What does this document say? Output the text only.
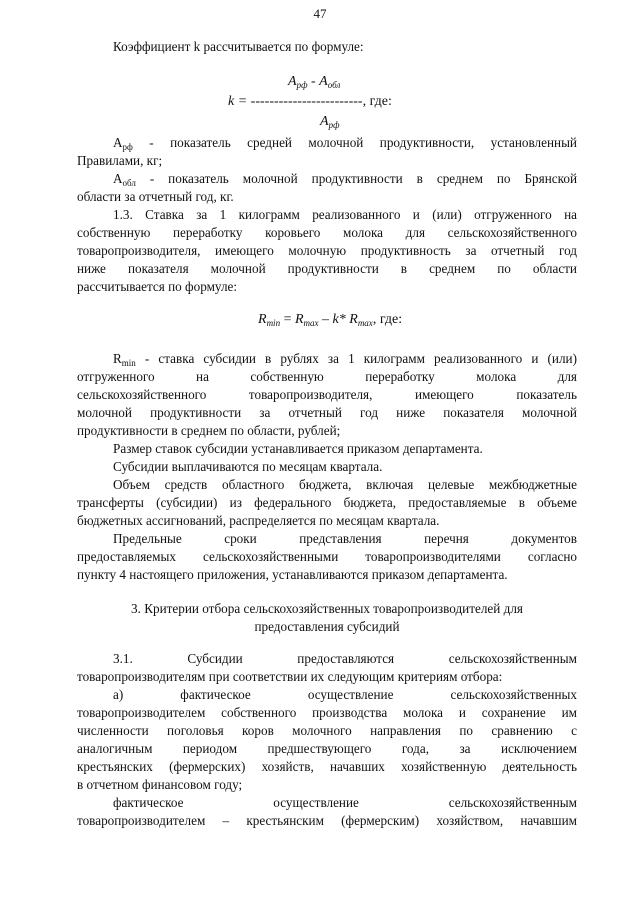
47
Коэффициент k рассчитывается по формуле:
$A_{рф} - A_{обл}$
k = ------------------------, где:
$A_{рф}$
$A_{рф}$ - показатель средней молочной продуктивности, установленный
Правилами, кг;
$A_{обл}$ - показатель молочной продуктивности в среднем по Брянской
области за отчетный год, кг.
1.3. Ставка за 1 килограмм реализованного и (или) отгруженного на
собственную переработку коровьего молока для сельскохозяйственного
товаропроизводителя, имеющего молочную продуктивность за отчетный год
ниже показателя молочной продуктивности в среднем по области
рассчитывается по формуле:
$R_{min} = R_{max} - k*$ $R_{max}$, где:
$R_{min}$ - ставка субсидии в рублях за 1 килограмм реализованного и (или)
отгруженного на собственную переработку молока для
сельскохозяйственного товаропроизводителя, имеющего показатель
молочной продуктивности за отчетный год ниже показателя молочной
продуктивности в среднем по области, рублей;
Размер ставок субсидии устанавливается приказом департамента.
Субсидии выплачиваются по месяцам квартала.
Объем средств областного бюджета, включая целевые межбюджетные
трансферты (субсидии) из федерального бюджета, предоставляемые в объеме
бюджетных ассигнований, распределяется по месяцам квартала.
Предельные сроки представления перечня документов
предоставляемых сельскохозяйственными товаропроизводителями согласно
пункту 4 настоящего приложения, устанавливаются приказом департамента.
3. Критерии отбора сельскохозяйственных товаропроизводителей для
предоставления субсидий
3.1. Субсидии предоставляются сельскохозяйственным
товаропроизводителям при соответствии их следующим критериям отбора:
а) фактическое осуществление сельскохозяйственных
товаропроизводителем собственного производства молока и сохранение им
численности поголовья коров молочного направления по сравнению с
аналогичным периодом предшествующего года, за исключением
крестьянских (фермерских) хозяйств, начавших хозяйственную деятельность
в отчетном финансовом году;
фактическое осуществление сельскохозяйственным
товаропроизводителем – крестьянским (фермерским) хозяйством, начавшим
